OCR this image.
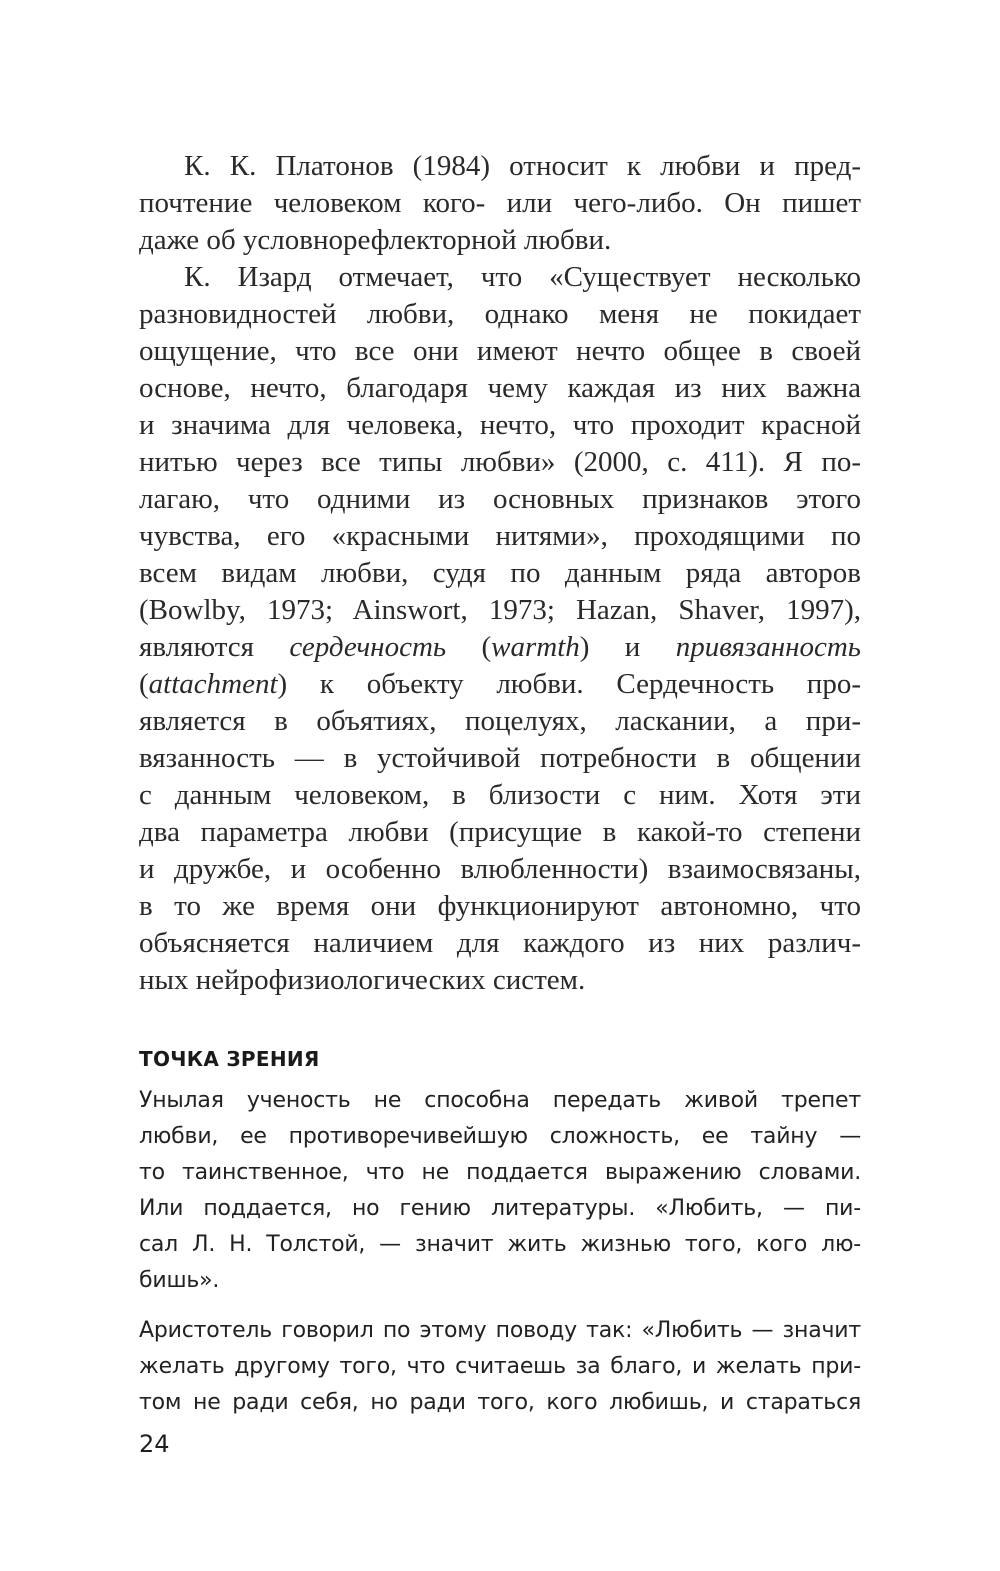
К. К. Платонов (1984) относит к любви и пред-
почтение человеком кого- или чего-либо. Он пишет
даже об условнорефлекторной любви.
К. Изард отмечает, что «Существует несколько
разновидностей любви, однако меня не покидает
ощущение, что все они имеют нечто общее в своей
основе, нечто, благодаря чему каждая из них важна
и значима для человека, нечто, что проходит красной
нитью через все типы любви» (2000, с. 411). Я по-
лагаю, что одними из основных признаков этого
чувства, его «красными нитями», проходящими по
всем видам любви, судя по данным ряда авторов
(Bowlby, 1973; Ainswort, 1973; Hazan, Shaver, 1997),
являются сердечность (warmth) и привязанность
(attachment) к объекту любви. Сердечность про-
является в объятиях, поцелуях, ласкании, а при-
вязанность — в устойчивой потребности в общении
с данным человеком, в близости с ним. Хотя эти
два параметра любви (присущие в какой-то степени
и дружбе, и особенно влюбленности) взаимосвязаны,
в то же время они функционируют автономно, что
объясняется наличием для каждого из них различ-
ных нейрофизиологических систем.
ТОЧКА ЗРЕНИЯ
Унылая ученость не способна передать живой трепет
любви, ее противоречивейшую сложность, ее тайну —
то таинственное, что не поддается выражению словами.
Или поддается, но гению литературы. «Любить, — пи-
сал Л. Н. Толстой, — значит жить жизнью того, кого лю-
бишь».
Аристотель говорил по этому поводу так: «Любить — значит
желать другому того, что считаешь за благо, и желать при-
том не ради себя, но ради того, кого любишь, и стараться
24
